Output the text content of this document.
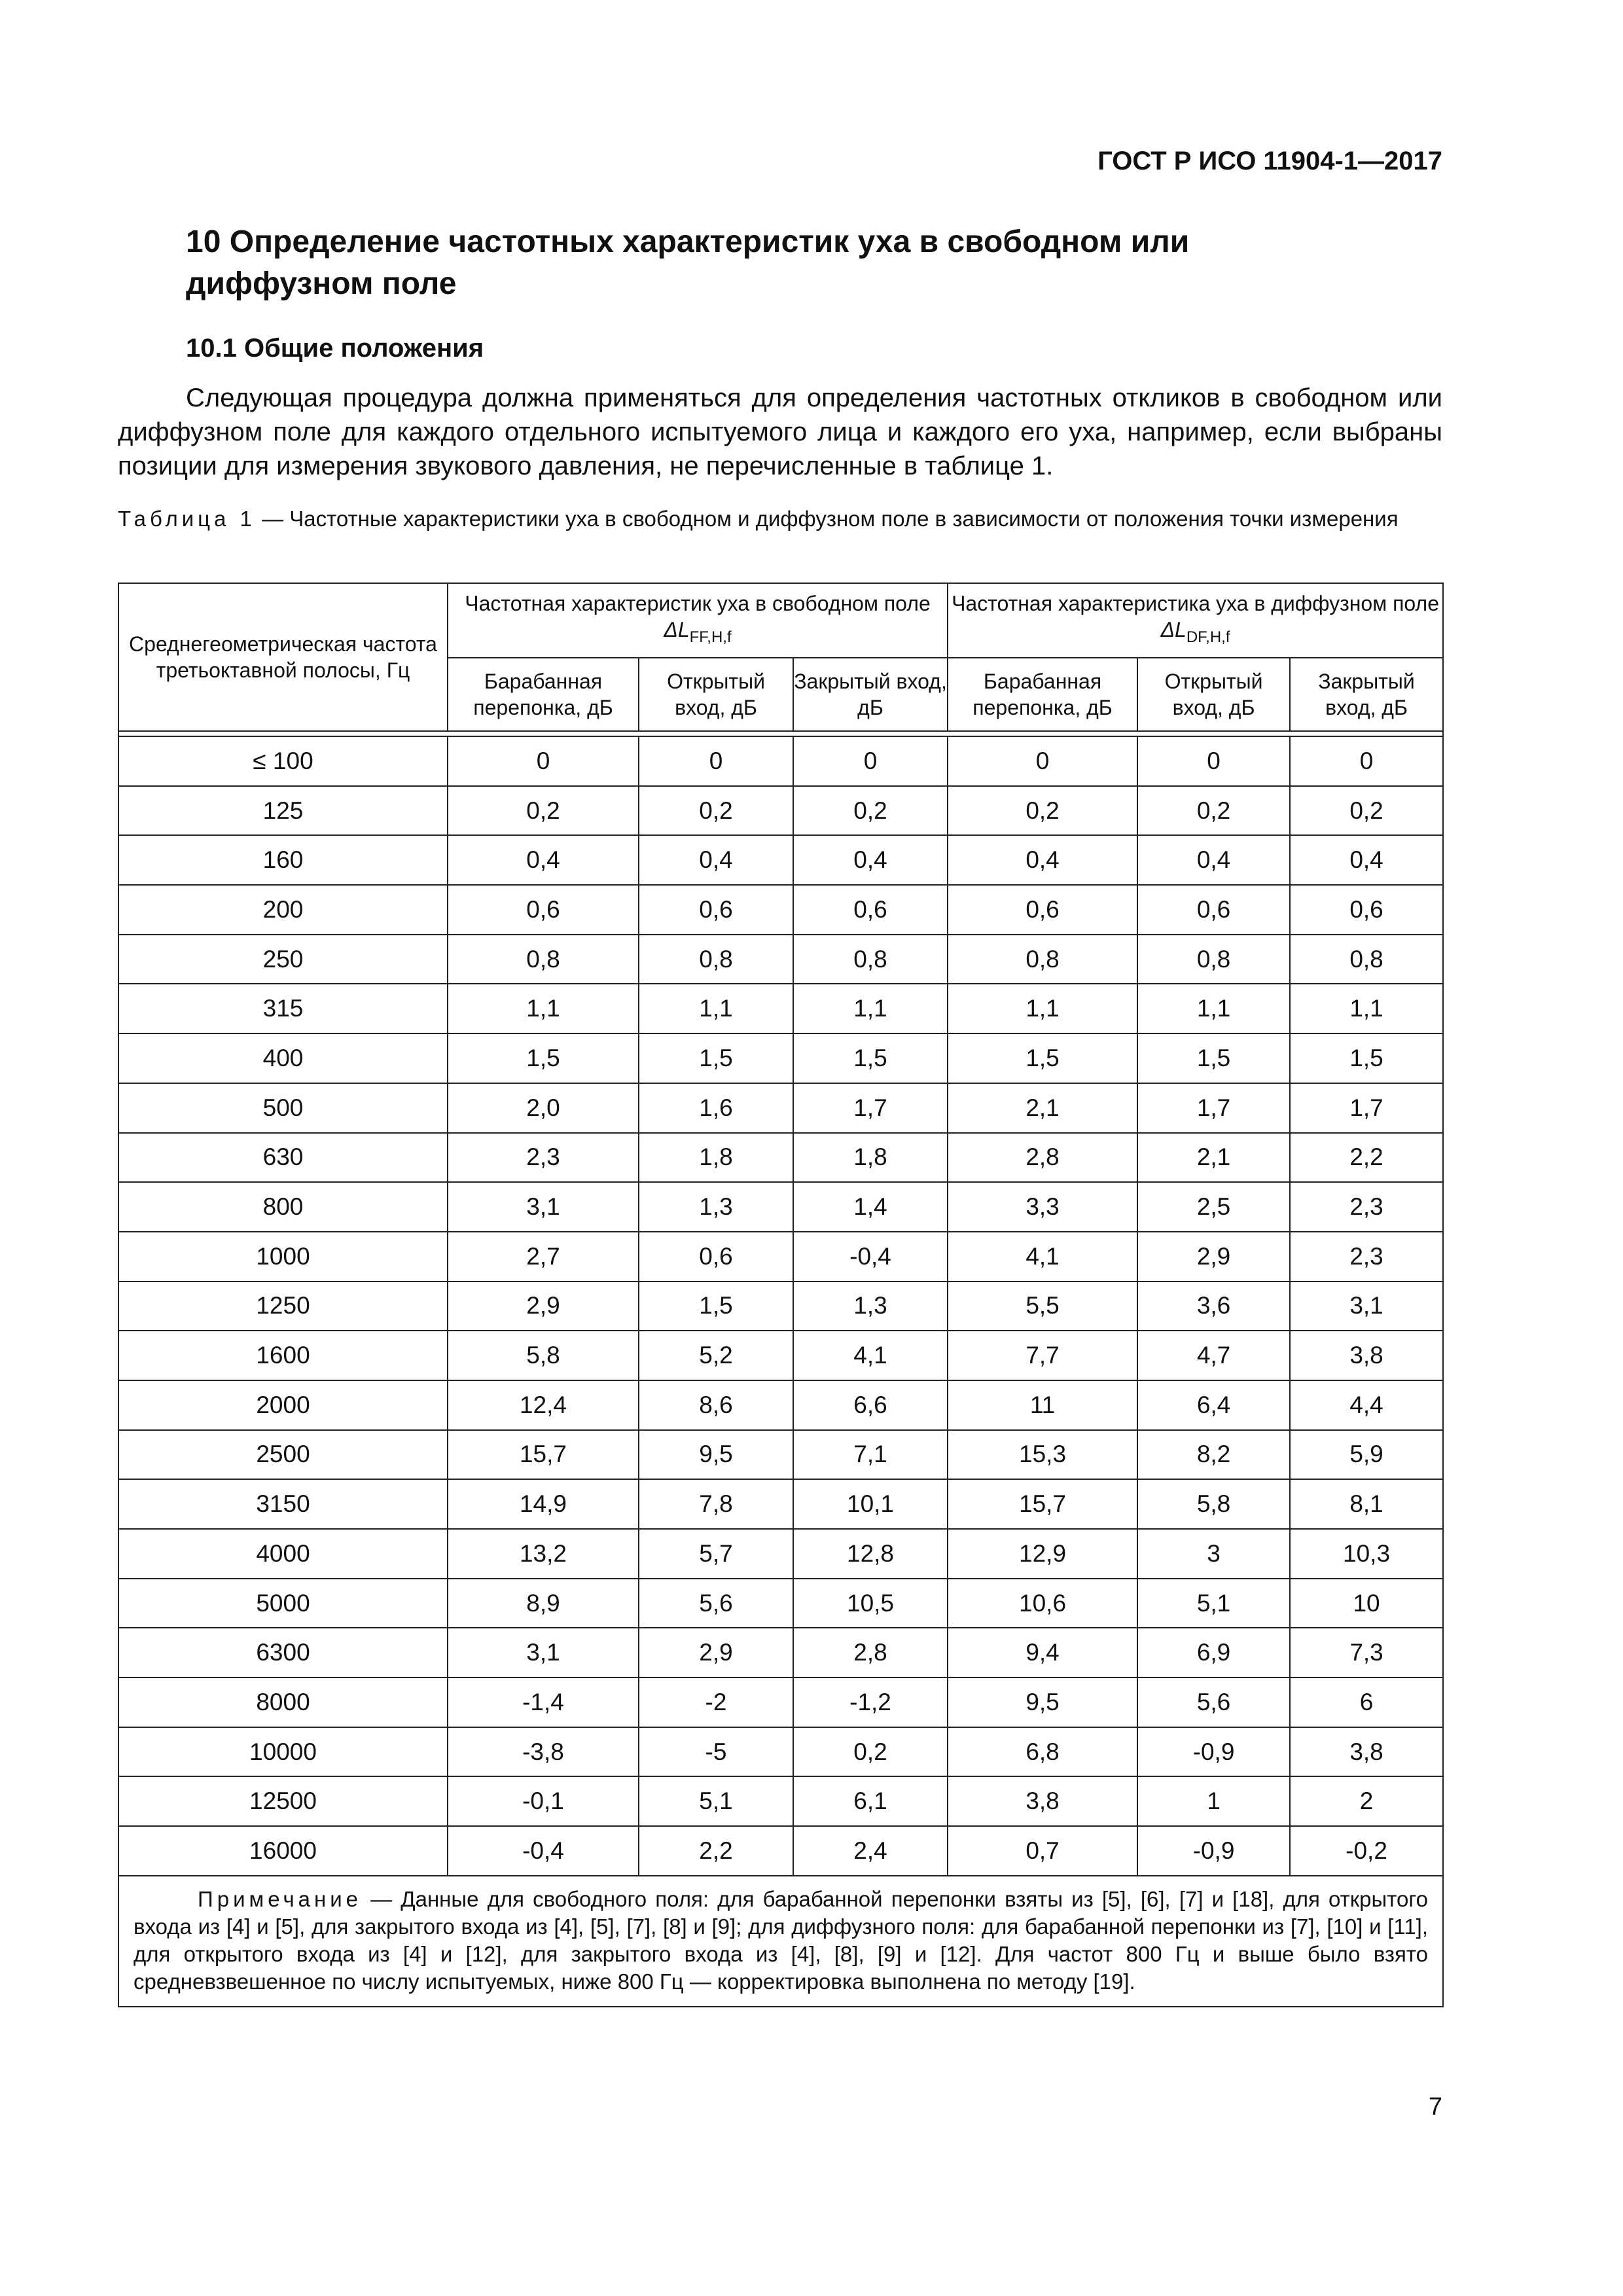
ГОСТ Р ИСО 11904-1—2017
10 Определение частотных характеристик уха в свободном или диффузном поле
10.1 Общие положения

Следующая процедура должна применяться для определения частотных откликов в свободном или диффузном поле для каждого отдельного испытуемого лица и каждого его уха, например, если выбраны позиции для измерения звукового давления, не перечисленные в таблице 1.

Таблица 1 — Частотные характеристики уха в свободном и диффузном поле в зависимости от положения точки измерения

Среднегеометрическая частота третьоктавной полосы, Гц	Частотная характеристик уха в свободном поле $\Delta L_{FF,H,f}$			Частотная характеристика уха в диффузном поле $\Delta L_{DF,H,f}$
	Барабанная перепонка, дБ	Открытый вход, дБ	Закрытый вход, дБ	Барабанная перепонка, дБ	Открытый вход, дБ	Закрытый вход, дБ

≤ 100	0	0	0	0	0	0
125	0,2	0,2	0,2	0,2	0,2	0,2
160	0,4	0,4	0,4	0,4	0,4	0,4
200	0,6	0,6	0,6	0,6	0,6	0,6
250	0,8	0,8	0,8	0,8	0,8	0,8
315	1,1	1,1	1,1	1,1	1,1	1,1
400	1,5	1,5	1,5	1,5	1,5	1,5
500	2,0	1,6	1,7	2,1	1,7	1,7
630	2,3	1,8	1,8	2,8	2,1	2,2
800	3,1	1,3	1,4	3,3	2,5	2,3
1000	2,7	0,6	-0,4	4,1	2,9	2,3
1250	2,9	1,5	1,3	5,5	3,6	3,1
1600	5,8	5,2	4,1	7,7	4,7	3,8
2000	12,4	8,6	6,6	11	6,4	4,4
2500	15,7	9,5	7,1	15,3	8,2	5,9
3150	14,9	7,8	10,1	15,7	5,8	8,1
4000	13,2	5,7	12,8	12,9	3	10,3
5000	8,9	5,6	10,5	10,6	5,1	10
6300	3,1	2,9	2,8	9,4	6,9	7,3
8000	-1,4	-2	-1,2	9,5	5,6	6
10000	-3,8	-5	0,2	6,8	-0,9	3,8
12500	-0,1	5,1	6,1	3,8	1	2
16000	-0,4	2,2	2,4	0,7	-0,9	-0,2
Примечание — Данные для свободного поля: для барабанной перепонки взяты из [5], [6], [7] и [18], для открытого входа из [4] и [5], для закрытого входа из [4], [5], [7], [8] и [9]; для диффузного поля: для барабанной перепонки из [7], [10] и [11], для открытого входа из [4] и [12], для закрытого входа из [4], [8], [9] и [12]. Для частот 800 Гц и выше было взято средневзвешенное по числу испытуемых, ниже 800 Гц — корректировка выполнена по методу [19].						
7
